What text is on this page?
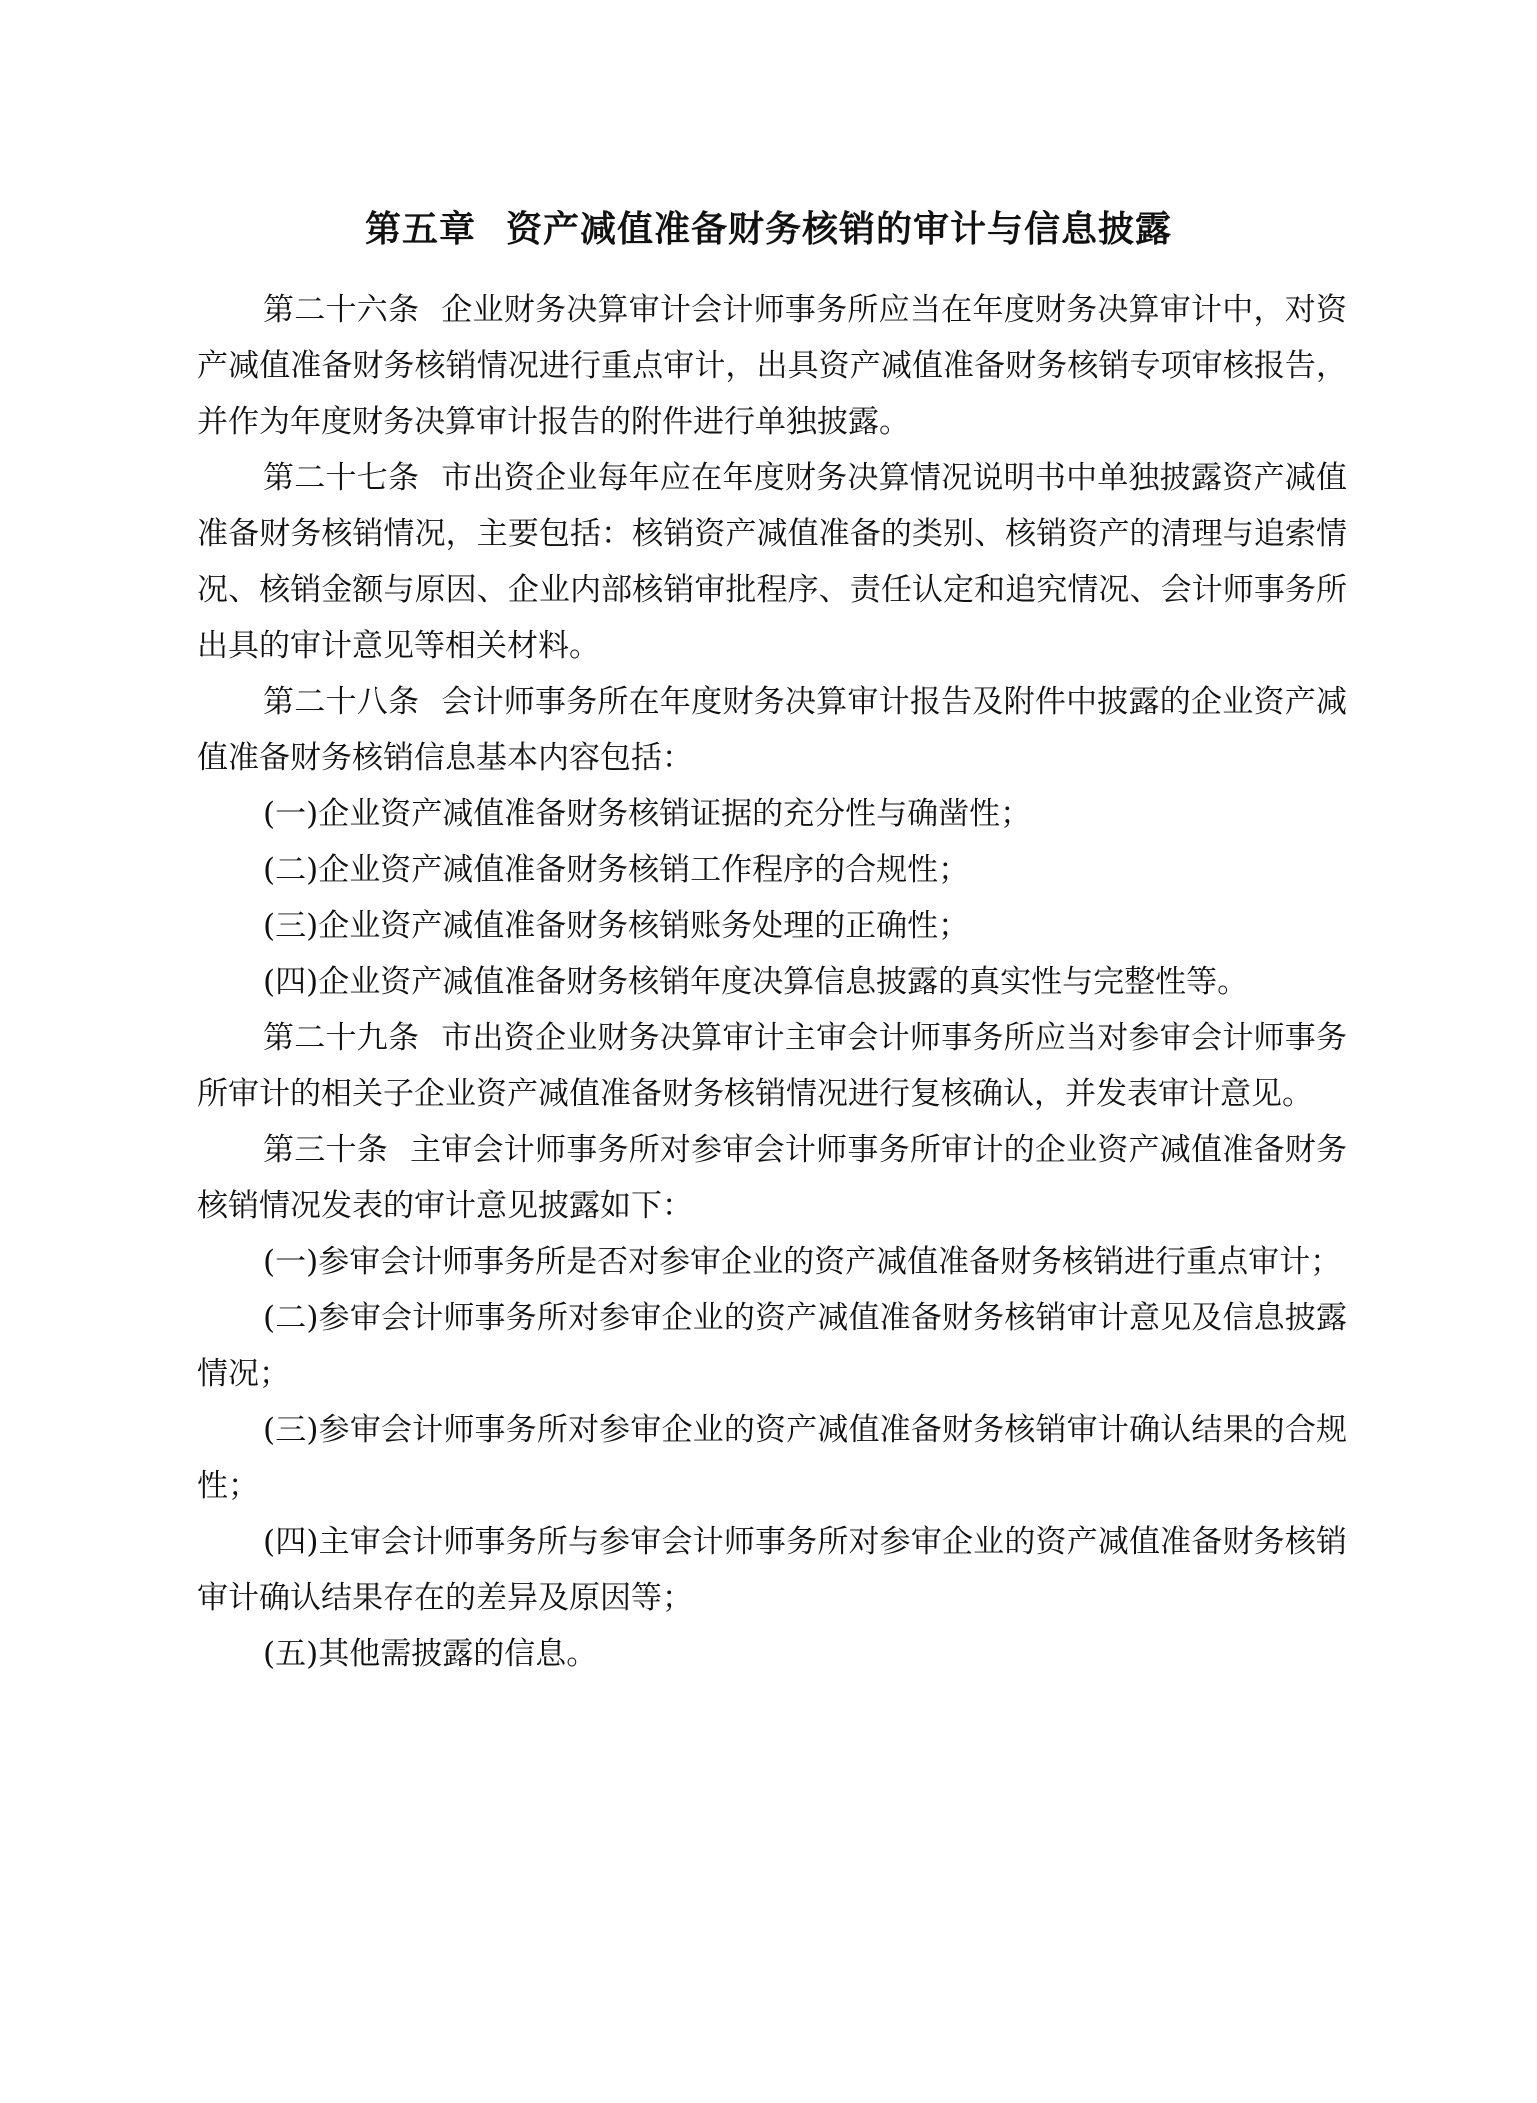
第五章 资产减值准备财务核销的审计与信息披露

第二十六条 企业财务决算审计会计师事务所应当在年度财务决算审计中，对资产减值准备财务核销情况进行重点审计，出具资产减值准备财务核销专项审核报告，并作为年度财务决算审计报告的附件进行单独披露。

第二十七条 市出资企业每年应在年度财务决算情况说明书中单独披露资产减值准备财务核销情况，主要包括：核销资产减值准备的类别、核销资产的清理与追索情况、核销金额与原因、企业内部核销审批程序、责任认定和追究情况、会计师事务所出具的审计意见等相关材料。

第二十八条 会计师事务所在年度财务决算审计报告及附件中披露的企业资产减值准备财务核销信息基本内容包括：

(一)企业资产减值准备财务核销证据的充分性与确凿性；

(二)企业资产减值准备财务核销工作程序的合规性；

(三)企业资产减值准备财务核销账务处理的正确性；

(四)企业资产减值准备财务核销年度决算信息披露的真实性与完整性等。

第二十九条 市出资企业财务决算审计主审会计师事务所应当对参审会计师事务所审计的相关子企业资产减值准备财务核销情况进行复核确认，并发表审计意见。

第三十条 主审会计师事务所对参审会计师事务所审计的企业资产减值准备财务核销情况发表的审计意见披露如下：

(一)参审会计师事务所是否对参审企业的资产减值准备财务核销进行重点审计；

(二)参审会计师事务所对参审企业的资产减值准备财务核销审计意见及信息披露情况；

(三)参审会计师事务所对参审企业的资产减值准备财务核销审计确认结果的合规性；

(四)主审会计师事务所与参审会计师事务所对参审企业的资产减值准备财务核销审计确认结果存在的差异及原因等；

(五)其他需披露的信息。
